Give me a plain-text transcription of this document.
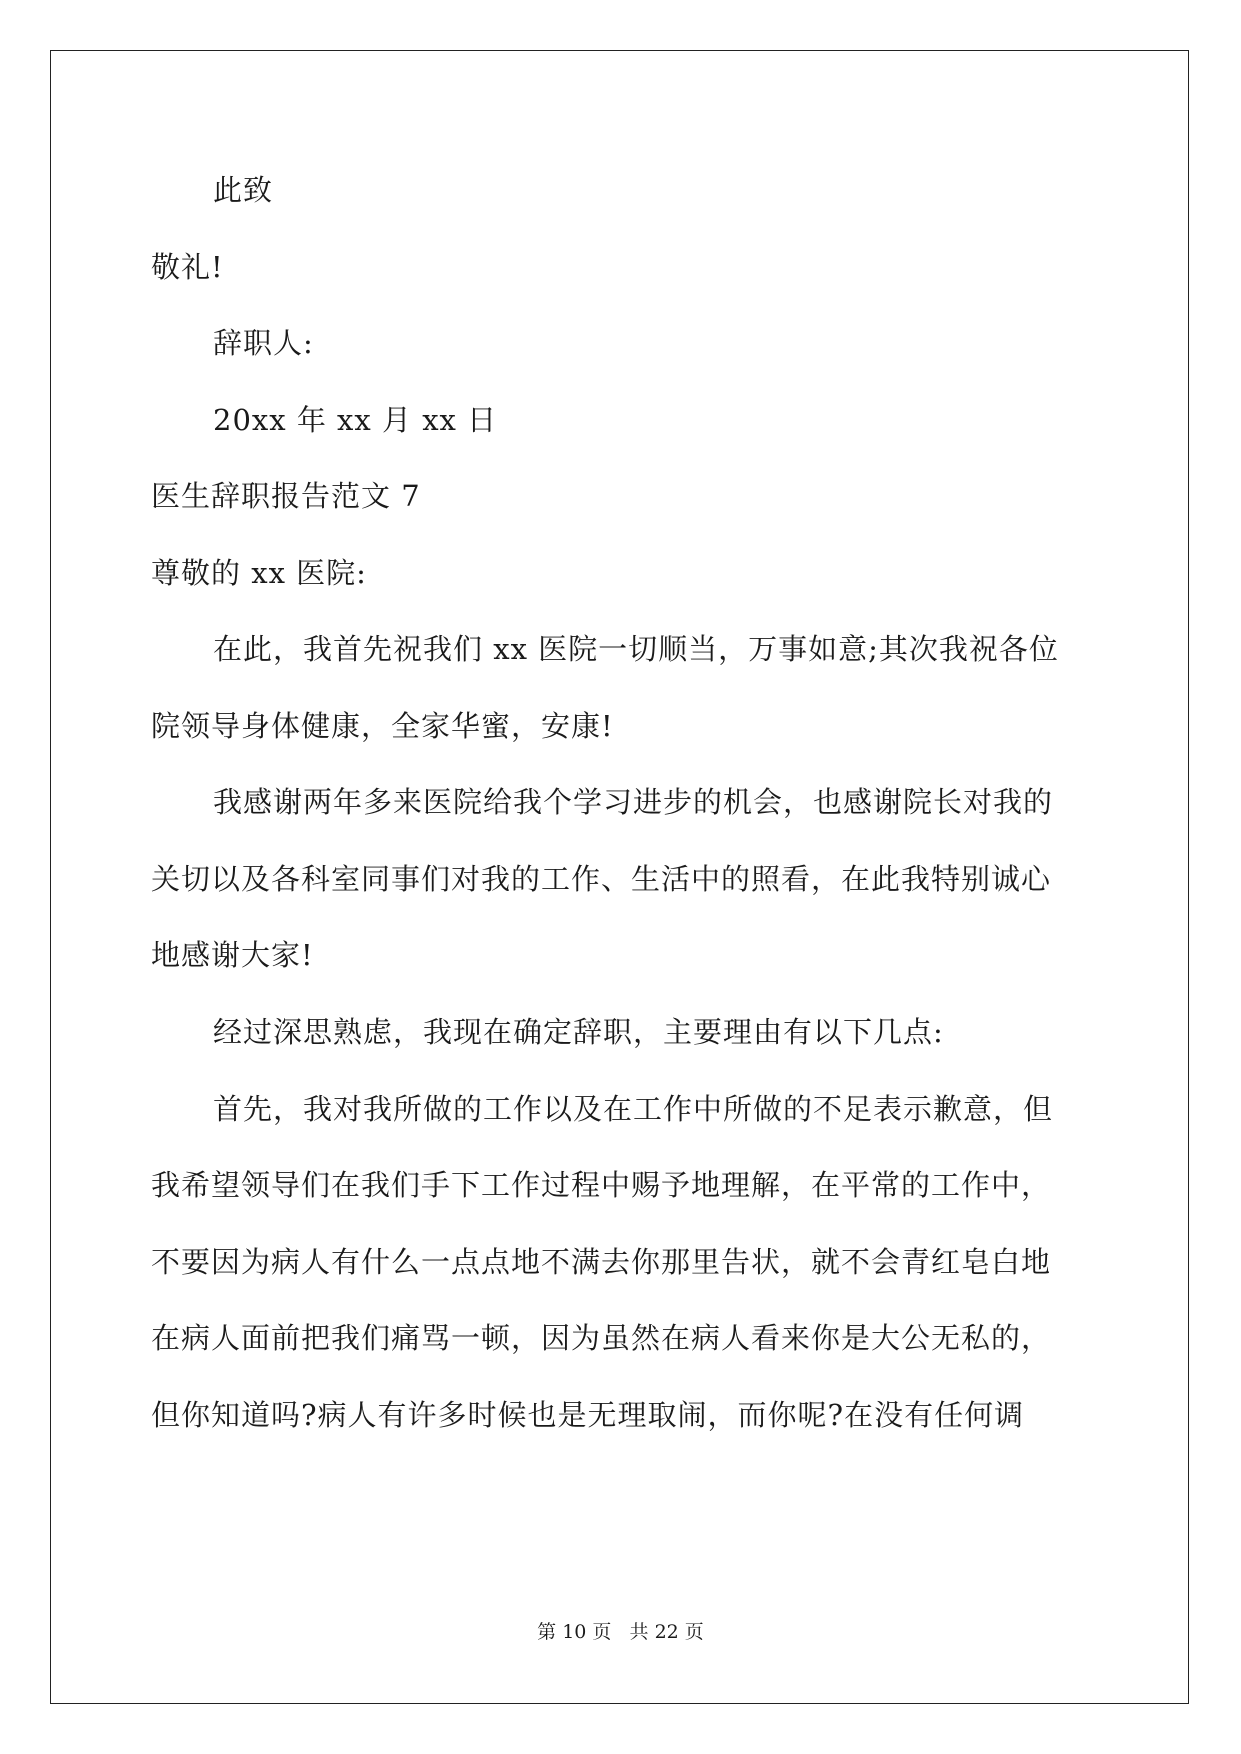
此致
敬礼!
辞职人:
20xx 年 xx 月 xx 日
医生辞职报告范文 7
尊敬的 xx 医院:
在此，我首先祝我们 xx 医院一切顺当，万事如意;其次我祝各位
院领导身体健康，全家华蜜，安康!
我感谢两年多来医院给我个学习进步的机会，也感谢院长对我的
关切以及各科室同事们对我的工作、生活中的照看，在此我特别诚心
地感谢大家!
经过深思熟虑，我现在确定辞职，主要理由有以下几点:
首先，我对我所做的工作以及在工作中所做的不足表示歉意，但
我希望领导们在我们手下工作过程中赐予地理解，在平常的工作中，
不要因为病人有什么一点点地不满去你那里告状，就不会青红皂白地
在病人面前把我们痛骂一顿，因为虽然在病人看来你是大公无私的，
但你知道吗?病人有许多时候也是无理取闹，而你呢?在没有任何调
第 10 页   共 22 页
